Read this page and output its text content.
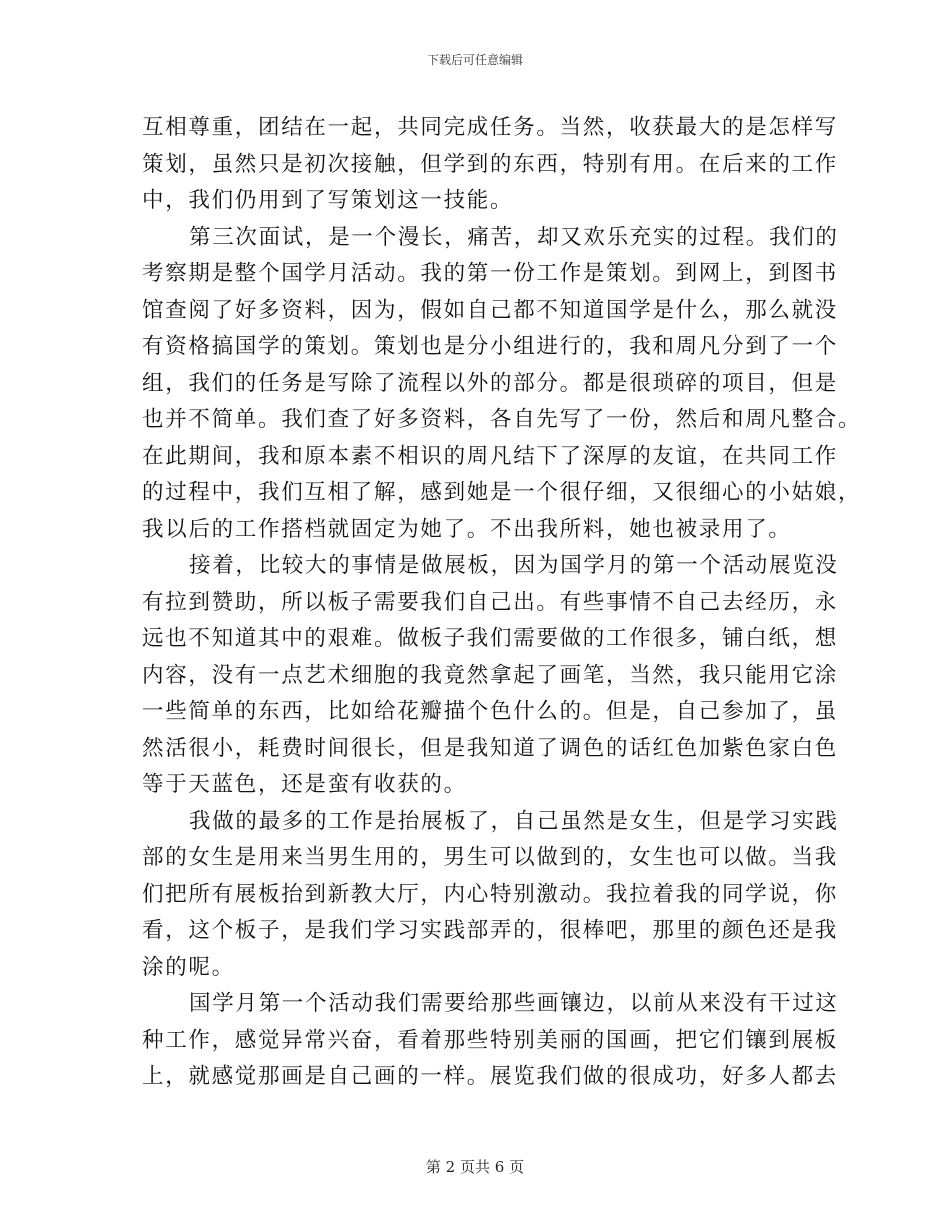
下载后可任意编辑
互相尊重，团结在一起，共同完成任务。当然，收获最大的是怎样写
策划，虽然只是初次接触，但学到的东西，特别有用。在后来的工作
中，我们仍用到了写策划这一技能。
第三次面试，是一个漫长，痛苦，却又欢乐充实的过程。我们的
考察期是整个国学月活动。我的第一份工作是策划。到网上，到图书
馆查阅了好多资料，因为，假如自己都不知道国学是什么，那么就没
有资格搞国学的策划。策划也是分小组进行的，我和周凡分到了一个
组，我们的任务是写除了流程以外的部分。都是很琐碎的项目，但是
也并不简单。我们查了好多资料，各自先写了一份，然后和周凡整合。
在此期间，我和原本素不相识的周凡结下了深厚的友谊，在共同工作
的过程中，我们互相了解，感到她是一个很仔细，又很细心的小姑娘，
我以后的工作搭档就固定为她了。不出我所料，她也被录用了。
接着，比较大的事情是做展板，因为国学月的第一个活动展览没
有拉到赞助，所以板子需要我们自己出。有些事情不自己去经历，永
远也不知道其中的艰难。做板子我们需要做的工作很多，铺白纸，想
内容，没有一点艺术细胞的我竟然拿起了画笔，当然，我只能用它涂
一些简单的东西，比如给花瓣描个色什么的。但是，自己参加了，虽
然活很小，耗费时间很长，但是我知道了调色的话红色加紫色家白色
等于天蓝色，还是蛮有收获的。
我做的最多的工作是抬展板了，自己虽然是女生，但是学习实践
部的女生是用来当男生用的，男生可以做到的，女生也可以做。当我
们把所有展板抬到新教大厅，内心特别激动。我拉着我的同学说，你
看，这个板子，是我们学习实践部弄的，很棒吧，那里的颜色还是我
涂的呢。
国学月第一个活动我们需要给那些画镶边，以前从来没有干过这
种工作，感觉异常兴奋，看着那些特别美丽的国画，把它们镶到展板
上，就感觉那画是自己画的一样。展览我们做的很成功，好多人都去
第 2 页共 6 页
